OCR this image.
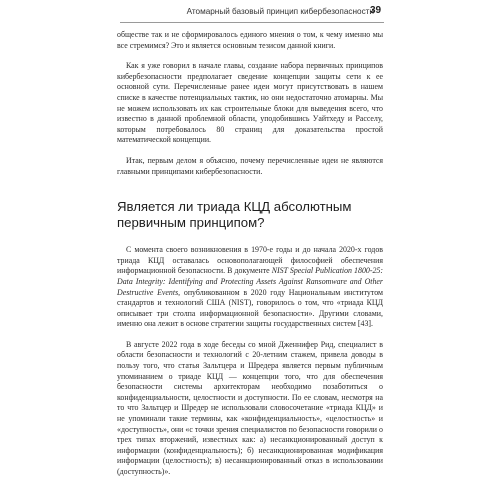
Атомарный базовый принцип кибербезопасности
39

обществе так и не сформировалось единого мнения о том, к чему именно мы все стремимся? Это и является основным тезисом данной книги.

Как я уже говорил в начале главы, создание набора первичных принципов кибербезопасности предполагает сведение концепции защиты сети к ее основной сути. Перечисленные ранее идеи могут присутствовать в нашем списке в качестве потенциальных тактик, но они недостаточно атомарны. Мы не можем использовать их как строительные блоки для выведения всего, что известно в данной проблемной области, уподобившись Уайтхеду и Расселу, которым потребовалось 80 страниц для доказательства простой математической концепции.

Итак, первым делом я объясню, почему перечисленные идеи не являются главными принципами кибербезопасности.

Является ли триада КЦД абсолютным первичным принципом?

С момента своего возникновения в 1970-е годы и до начала 2020-х годов триада КЦД оставалась основополагающей философией обеспечения информационной безопасности. В документе NIST Special Publication 1800-25: Data Integrity: Identifying and Protecting Assets Against Ransomware and Other Destructive Events, опубликованном в 2020 году Национальным институтом стандартов и технологий США (NIST), говорилось о том, что «триада КЦД описывает три столпа информационной безопасности». Другими словами, именно она лежит в основе стратегии защиты государственных систем [43].

В августе 2022 года в ходе беседы со мной Дженнифер Рид, специалист в области безопасности и технологий с 20-летним стажем, привела доводы в пользу того, что статья Зальтцера и Шредера является первым публичным упоминанием о триаде КЦД — концепции того, что для обеспечения безопасности системы архитекторам необходимо позаботиться о конфиденциальности, целостности и доступности. По ее словам, несмотря на то что Зальтцер и Шредер не использовали словосочетание «триада КЦД» и не упоминали такие термины, как «конфиденциальность», «целостность» и «доступность», они «с точки зрения специалистов по безопасности говорили о трех типах вторжений, известных как: а) несанкционированный доступ к информации (конфиденциальность); б) несанкционированная модификация информации (целостность); в) несанкционированный отказ в использовании (доступность)».
